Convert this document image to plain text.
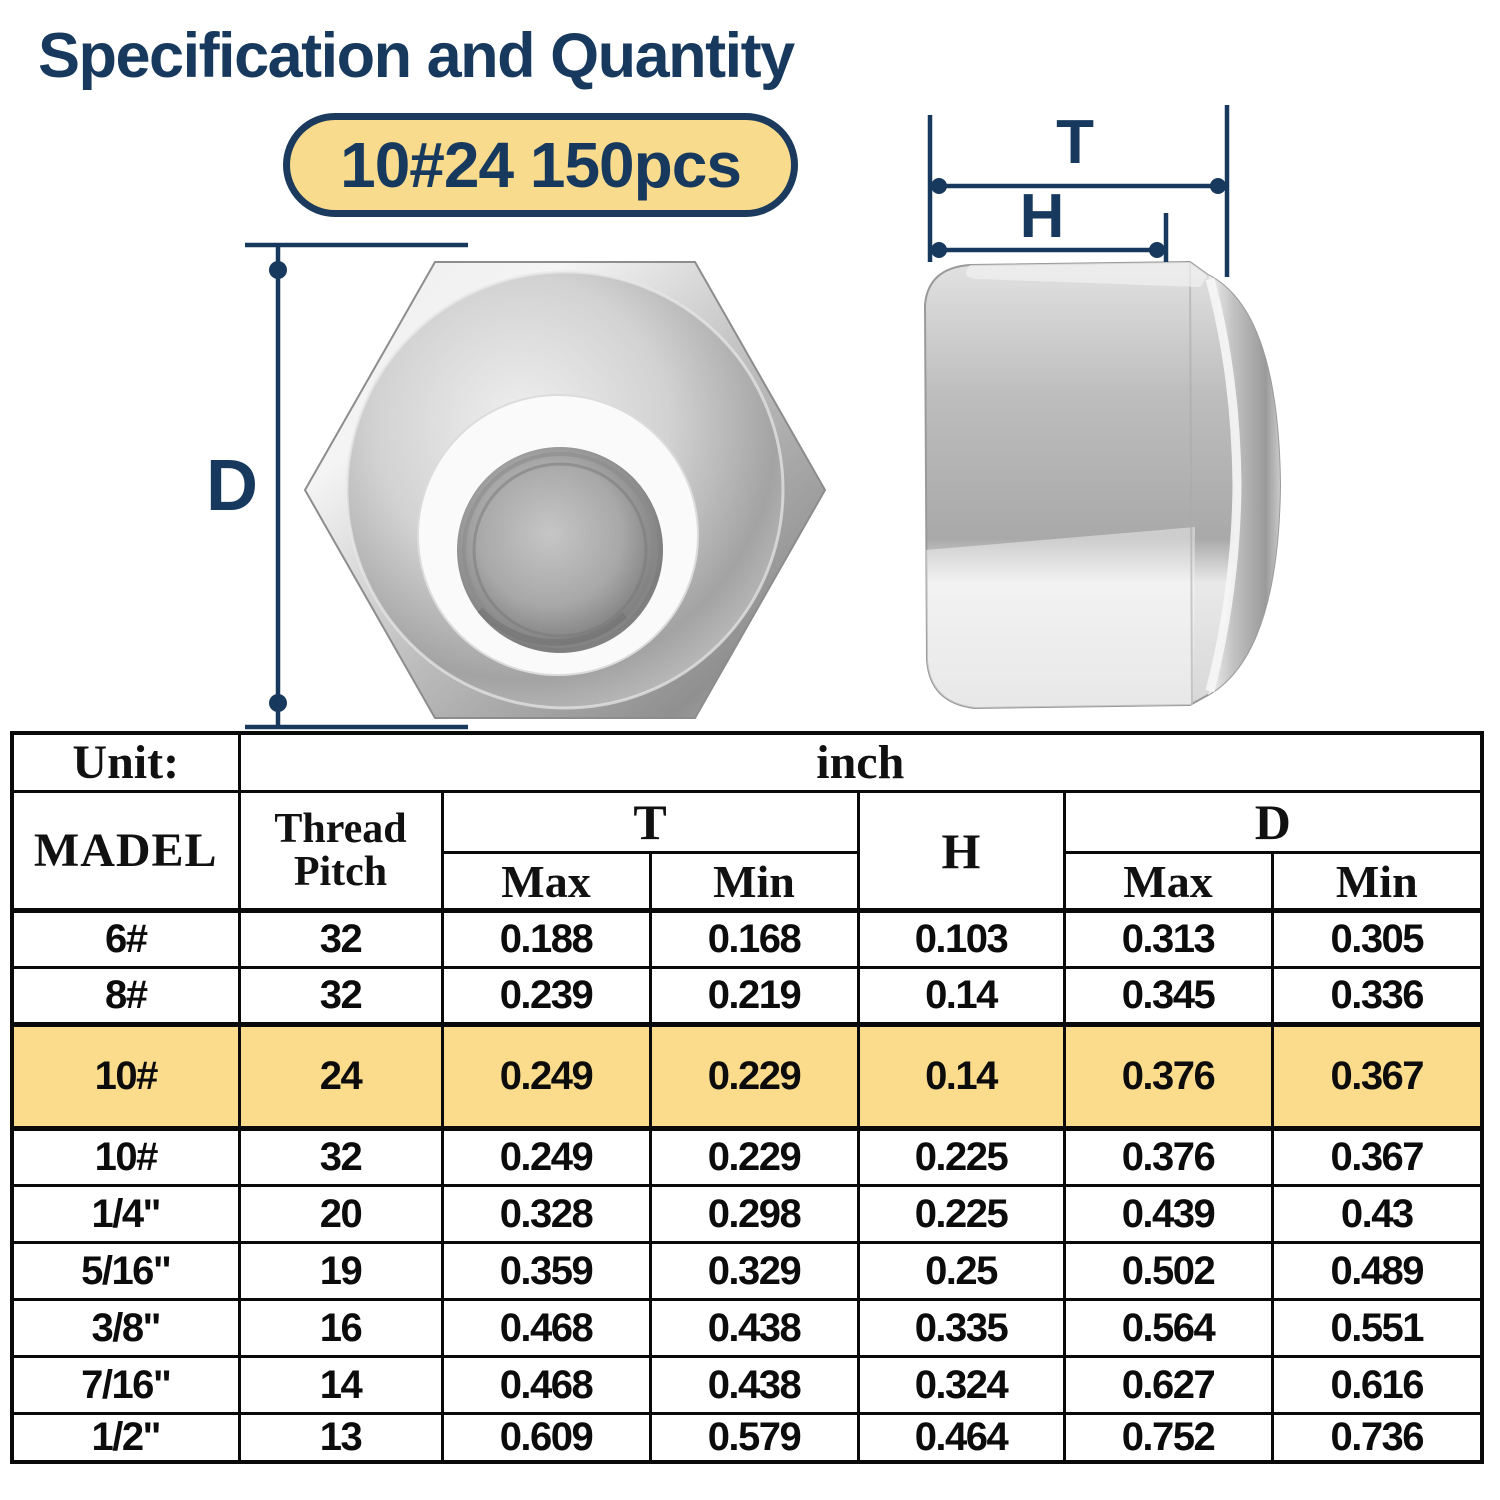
Specification and Quantity
10#24 150pcs
D
T
H
Unit:	inch					
MADEL	Thread Pitch	T		H	D	
		Max	Min		Max	Min
6#	32	0.188	0.168	0.103	0.313	0.305
8#	32	0.239	0.219	0.14	0.345	0.336
10#	24	0.249	0.229	0.14	0.376	0.367
10#	32	0.249	0.229	0.225	0.376	0.367
1/4"	20	0.328	0.298	0.225	0.439	0.43
5/16"	19	0.359	0.329	0.25	0.502	0.489
3/8"	16	0.468	0.438	0.335	0.564	0.551
7/16"	14	0.468	0.438	0.324	0.627	0.616
1/2"	13	0.609	0.579	0.464	0.752	0.736
